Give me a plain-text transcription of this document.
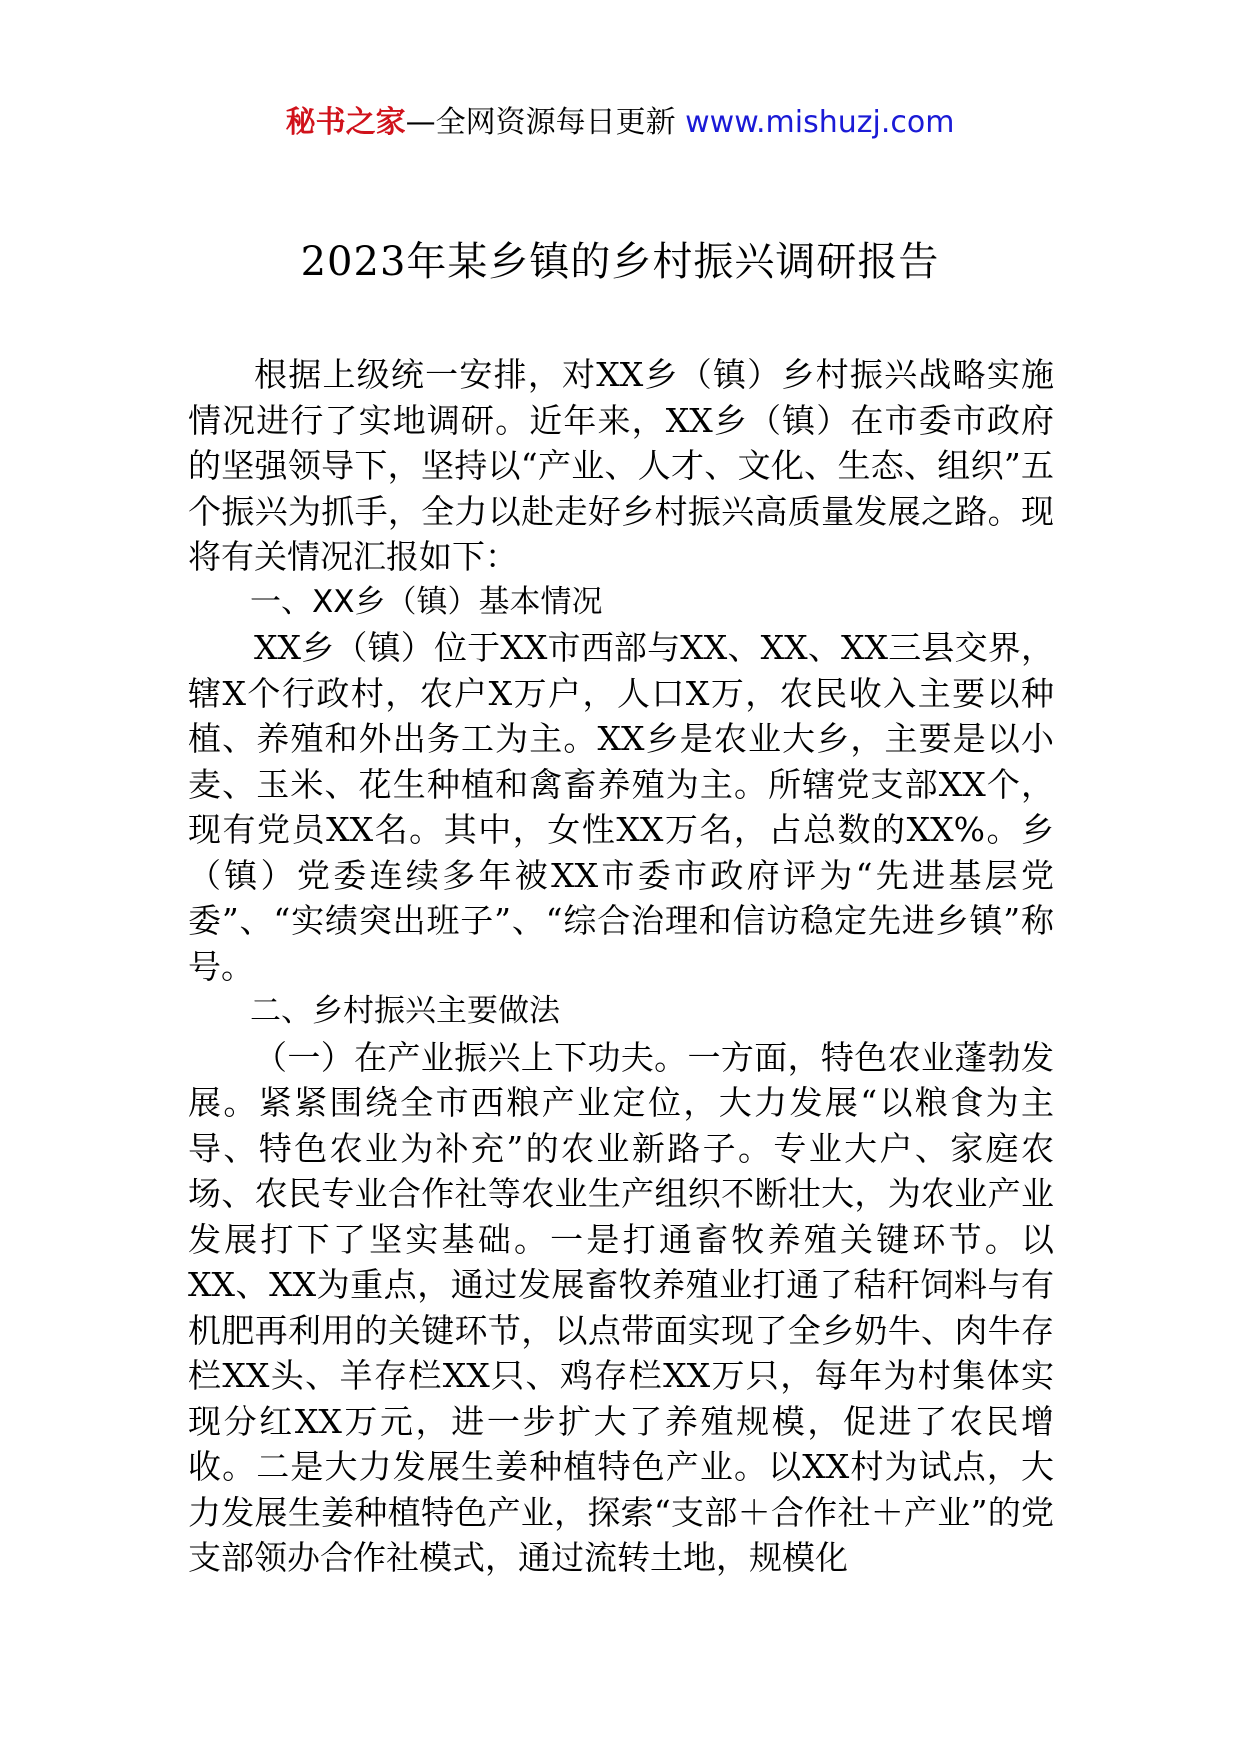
秘书之家—全网资源每日更新 www.mishuzj.com
2023年某乡镇的乡村振兴调研报告

根据上级统一安排，对XX乡（镇）乡村振兴战略实施情况进行了实地调研。近年来，XX乡（镇）在市委市政府的坚强领导下，坚持以“产业、人才、文化、生态、组织”五个振兴为抓手，全力以赴走好乡村振兴高质量发展之路。现将有关情况汇报如下：

一、XX乡（镇）基本情况

XX乡（镇）位于XX市西部与XX、XX、XX三县交界，辖X个行政村，农户X万户，人口X万，农民收入主要以种植、养殖和外出务工为主。XX乡是农业大乡，主要是以小麦、玉米、花生种植和禽畜养殖为主。所辖党支部XX个，现有党员XX名。其中，女性XX万名，占总数的XX%。乡（镇）党委连续多年被XX市委市政府评为“先进基层党委”、“实绩突出班子”、“综合治理和信访稳定先进乡镇”称号。

二、乡村振兴主要做法

（一）在产业振兴上下功夫。一方面，特色农业蓬勃发展。紧紧围绕全市西粮产业定位，大力发展“以粮食为主导、特色农业为补充”的农业新路子。专业大户、家庭农场、农民专业合作社等农业生产组织不断壮大，为农业产业发展打下了坚实基础。一是打通畜牧养殖关键环节。以XX、XX为重点，通过发展畜牧养殖业打通了秸秆饲料与有机肥再利用的关键环节，以点带面实现了全乡奶牛、肉牛存栏XX头、羊存栏XX只、鸡存栏XX万只，每年为村集体实现分红XX万元，进一步扩大了养殖规模，促进了农民增收。二是大力发展生姜种植特色产业。以XX村为试点，大力发展生姜种植特色产业，探索“支部＋合作社＋产业”的党支部领办合作社模式，通过流转土地，规模化
